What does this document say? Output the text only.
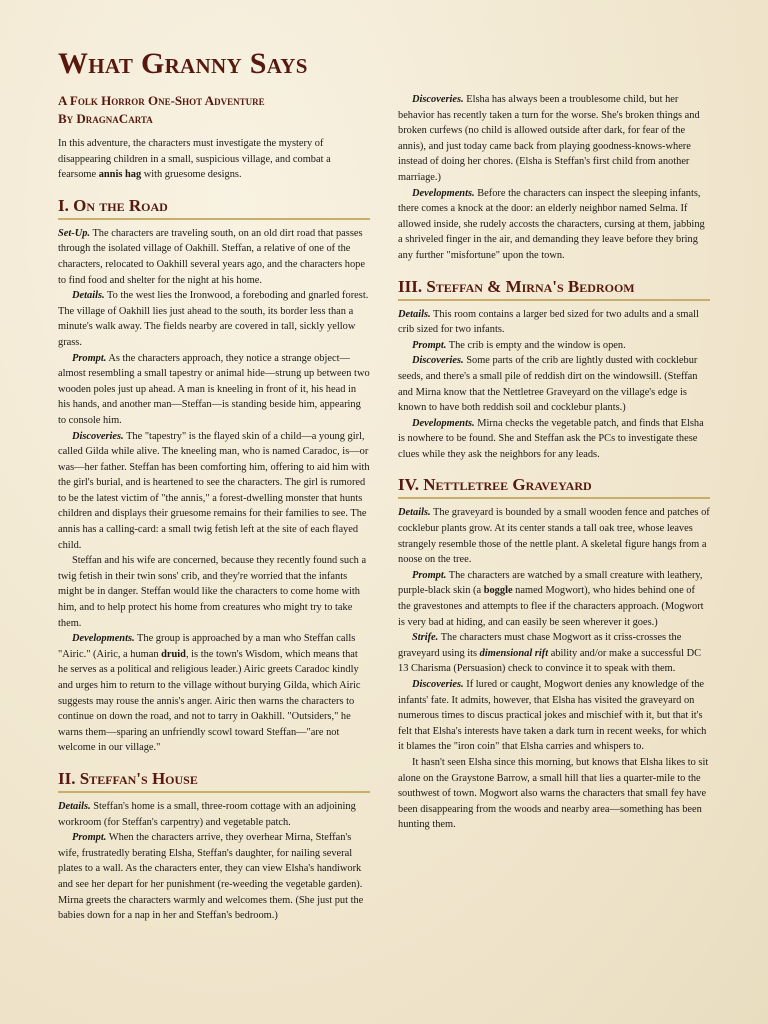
What Granny Says
A Folk Horror One-Shot Adventure
By DragnaCarta

In this adventure, the characters must investigate the mystery of disappearing children in a small, suspicious village, and combat a fearsome annis hag with gruesome designs.

I. On the Road

Set-Up. The characters are traveling south, on an old dirt road that passes through the isolated village of Oakhill. Steffan, a relative of one of the characters, relocated to Oakhill several years ago, and the characters hope to find food and shelter for the night at his home.

Details. To the west lies the Ironwood, a foreboding and gnarled forest. The village of Oakhill lies just ahead to the south, its border less than a minute's walk away. The fields nearby are covered in tall, sickly yellow grass.

Prompt. As the characters approach, they notice a strange object—almost resembling a small tapestry or animal hide—strung up between two wooden poles just up ahead. A man is kneeling in front of it, his head in his hands, and another man—Steffan—is standing beside him, appearing to console him.

Discoveries. The "tapestry" is the flayed skin of a child—a young girl, called Gilda while alive. The kneeling man, who is named Caradoc, is—or was—her father. Steffan has been comforting him, offering to aid him with the girl's burial, and is heartened to see the characters. The girl is rumored to be the latest victim of "the annis," a forest-dwelling monster that hunts children and displays their gruesome remains for their families to see. The annis has a calling-card: a small twig fetish left at the site of each flayed child.

Steffan and his wife are concerned, because they recently found such a twig fetish in their twin sons' crib, and they're worried that the infants might be in danger. Steffan would like the characters to come home with him, and to help protect his home from creatures who might try to take them.

Developments. The group is approached by a man who Steffan calls "Airic." (Airic, a human druid, is the town's Wisdom, which means that he serves as a political and religious leader.) Airic greets Caradoc kindly and urges him to return to the village without burying Gilda, which Airic suggests may rouse the annis's anger. Airic then warns the characters to continue on down the road, and not to tarry in Oakhill. "Outsiders," he warns them—sparing an unfriendly scowl toward Steffan—"are not welcome in our village."

II. Steffan's House

Details. Steffan's home is a small, three-room cottage with an adjoining workroom (for Steffan's carpentry) and vegetable patch.

Prompt. When the characters arrive, they overhear Mirna, Steffan's wife, frustratedly berating Elsha, Steffan's daughter, for nailing several plates to a wall. As the characters enter, they can view Elsha's handiwork and see her depart for her punishment (re-weeding the vegetable garden). Mirna greets the characters warmly and welcomes them. (She just put the babies down for a nap in her and Steffan's bedroom.)

Discoveries. Elsha has always been a troublesome child, but her behavior has recently taken a turn for the worse. She's broken things and broken curfews (no child is allowed outside after dark, for fear of the annis), and just today came back from playing goodness-knows-where instead of doing her chores. (Elsha is Steffan's first child from another marriage.)

Developments. Before the characters can inspect the sleeping infants, there comes a knock at the door: an elderly neighbor named Selma. If allowed inside, she rudely accosts the characters, cursing at them, jabbing a shriveled finger in the air, and demanding they leave before they bring any further "misfortune" upon the town.

III. Steffan & Mirna's Bedroom

Details. This room contains a larger bed sized for two adults and a small crib sized for two infants.

Prompt. The crib is empty and the window is open.

Discoveries. Some parts of the crib are lightly dusted with cocklebur seeds, and there's a small pile of reddish dirt on the windowsill. (Steffan and Mirna know that the Nettletree Graveyard on the village's edge is known to have both reddish soil and cocklebur plants.)

Developments. Mirna checks the vegetable patch, and finds that Elsha is nowhere to be found. She and Steffan ask the PCs to investigate these clues while they ask the neighbors for any leads.

IV. Nettletree Graveyard

Details. The graveyard is bounded by a small wooden fence and patches of cocklebur plants grow. At its center stands a tall oak tree, whose leaves strangely resemble those of the nettle plant. A skeletal figure hangs from a noose on the tree.

Prompt. The characters are watched by a small creature with leathery, purple-black skin (a boggle named Mogwort), who hides behind one of the gravestones and attempts to flee if the characters approach. (Mogwort is very bad at hiding, and can easily be seen wherever it goes.)

Strife. The characters must chase Mogwort as it criss-crosses the graveyard using its dimensional rift ability and/or make a successful DC 13 Charisma (Persuasion) check to convince it to speak with them.

Discoveries. If lured or caught, Mogwort denies any knowledge of the infants' fate. It admits, however, that Elsha has visited the graveyard on numerous times to discus practical jokes and mischief with it, but that it's felt that Elsha's interests have taken a dark turn in recent weeks, for which it blames the "iron coin" that Elsha carries and whispers to.

It hasn't seen Elsha since this morning, but knows that Elsha likes to sit alone on the Graystone Barrow, a small hill that lies a quarter-mile to the southwest of town. Mogwort also warns the characters that small fey have been disappearing from the woods and nearby area—something has been hunting them.
